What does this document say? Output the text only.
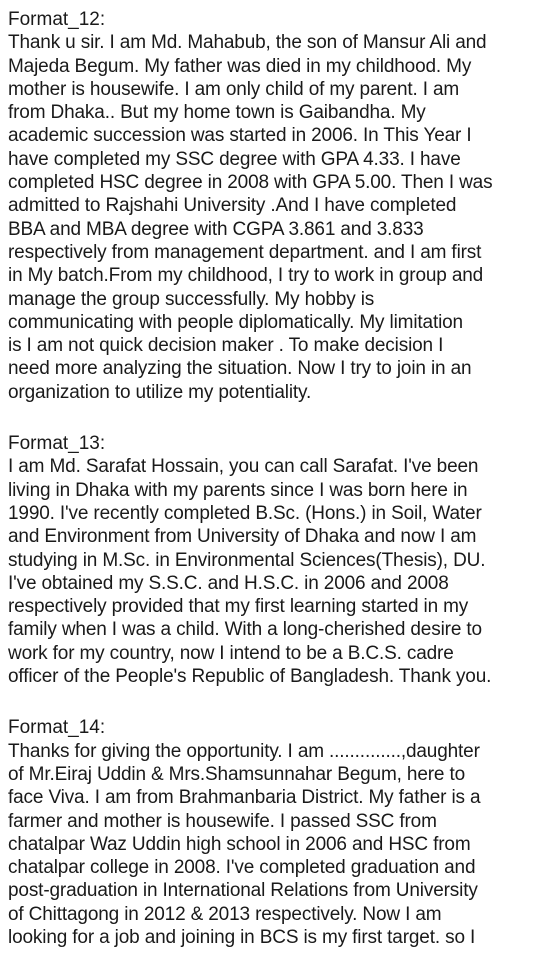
Format_12:

Thank u sir. I am Md. Mahabub, the son of Mansur Ali and
Majeda Begum. My father was died in my childhood. My
mother is housewife. I am only child of my parent. I am
from Dhaka.. But my home town is Gaibandha. My
academic succession was started in 2006. In This Year I
have completed my SSC degree with GPA 4.33. I have
completed HSC degree in 2008 with GPA 5.00. Then I was
admitted to Rajshahi University .And I have completed
BBA and MBA degree with CGPA 3.861 and 3.833
respectively from management department. and I am first
in My batch.From my childhood, I try to work in group and
manage the group successfully. My hobby is
communicating with people diplomatically. My limitation
is I am not quick decision maker . To make decision I
need more analyzing the situation. Now I try to join in an
organization to utilize my potentiality.

Format_13:

I am Md. Sarafat Hossain, you can call Sarafat. I've been
living in Dhaka with my parents since I was born here in
1990. I've recently completed B.Sc. (Hons.) in Soil, Water
and Environment from University of Dhaka and now I am
studying in M.Sc. in Environmental Sciences(Thesis), DU.
I've obtained my S.S.C. and H.S.C. in 2006 and 2008
respectively provided that my first learning started in my
family when I was a child. With a long-cherished desire to
work for my country, now I intend to be a B.C.S. cadre
officer of the People's Republic of Bangladesh. Thank you.

Format_14:

Thanks for giving the opportunity. I am ..............,daughter
of Mr.Eiraj Uddin & Mrs.Shamsunnahar Begum, here to
face Viva. I am from Brahmanbaria District. My father is a
farmer and mother is housewife. I passed SSC from
chatalpar Waz Uddin high school in 2006 and HSC from
chatalpar college in 2008. I've completed graduation and
post-graduation in International Relations from University
of Chittagong in 2012 & 2013 respectively. Now I am
looking for a job and joining in BCS is my first target. so I
